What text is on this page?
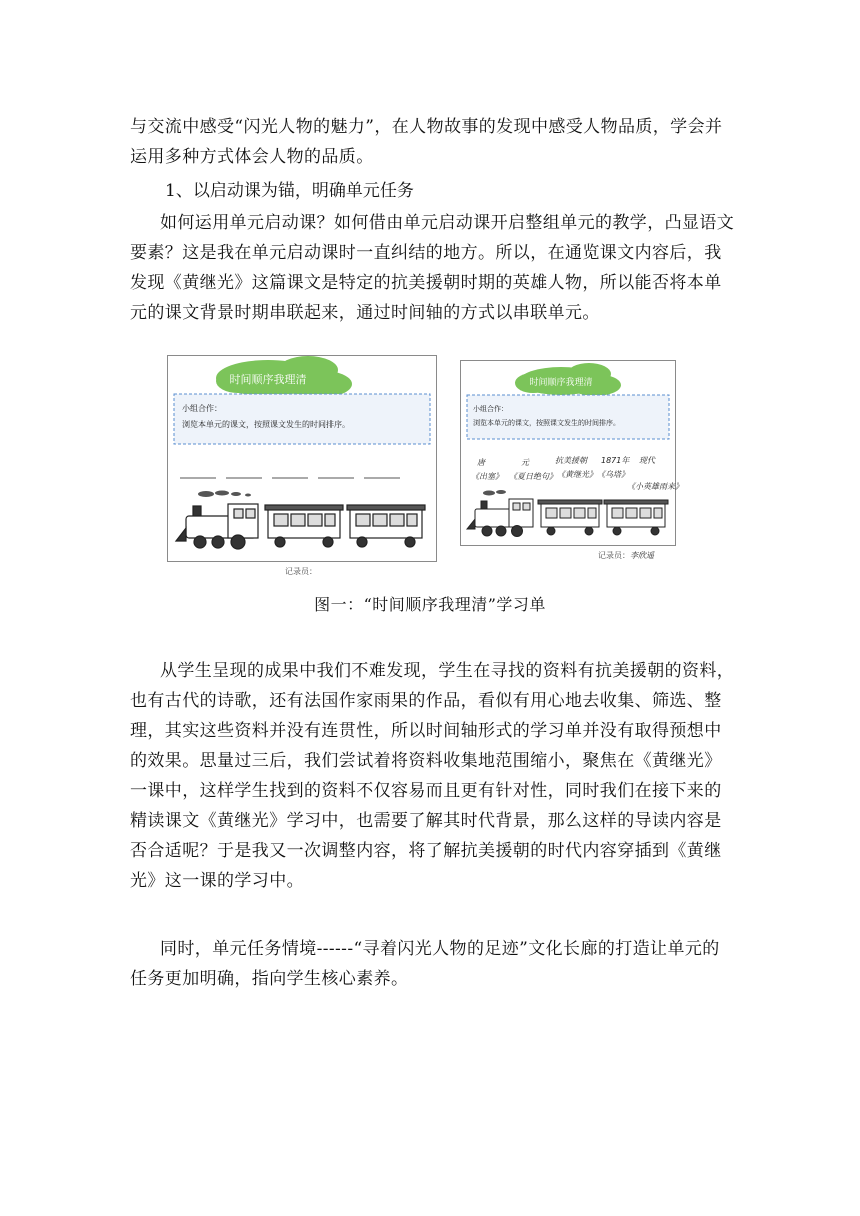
与交流中感受“闪光人物的魅力”，在人物故事的发现中感受人物品质，学会并运用多种方式体会人物的品质。

1、以启动课为锚，明确单元任务

如何运用单元启动课？如何借由单元启动课开启整组单元的教学，凸显语文要素？这是我在单元启动课时一直纠结的地方。所以，在通览课文内容后，我发现《黄继光》这篇课文是特定的抗美援朝时期的英雄人物，所以能否将本单元的课文背景时期串联起来，通过时间轴的方式以串联单元。

时间顺序我理清
小组合作：
浏览本单元的课文，按照课文发生的时间排序。
记录员：
时间顺序我理清
小组合作：
浏览本单元的课文，按照课文发生的时间排序。
唐	元	抗美援朝 1871年 现代
《出塞》 《夏日绝句》 《黄继光》 《乌塔》
《小英雄雨来》
记录员：李欣遥

图一：“时间顺序我理清”学习单

从学生呈现的成果中我们不难发现，学生在寻找的资料有抗美援朝的资料，也有古代的诗歌，还有法国作家雨果的作品，看似有用心地去收集、筛选、整理，其实这些资料并没有连贯性，所以时间轴形式的学习单并没有取得预想中的效果。思量过三后，我们尝试着将资料收集地范围缩小，聚焦在《黄继光》一课中，这样学生找到的资料不仅容易而且更有针对性，同时我们在接下来的精读课文《黄继光》学习中，也需要了解其时代背景，那么这样的导读内容是否合适呢？于是我又一次调整内容，将了解抗美援朝的时代内容穿插到《黄继光》这一课的学习中。

同时，单元任务情境------“寻着闪光人物的足迹”文化长廊的打造让单元的任务更加明确，指向学生核心素养。
